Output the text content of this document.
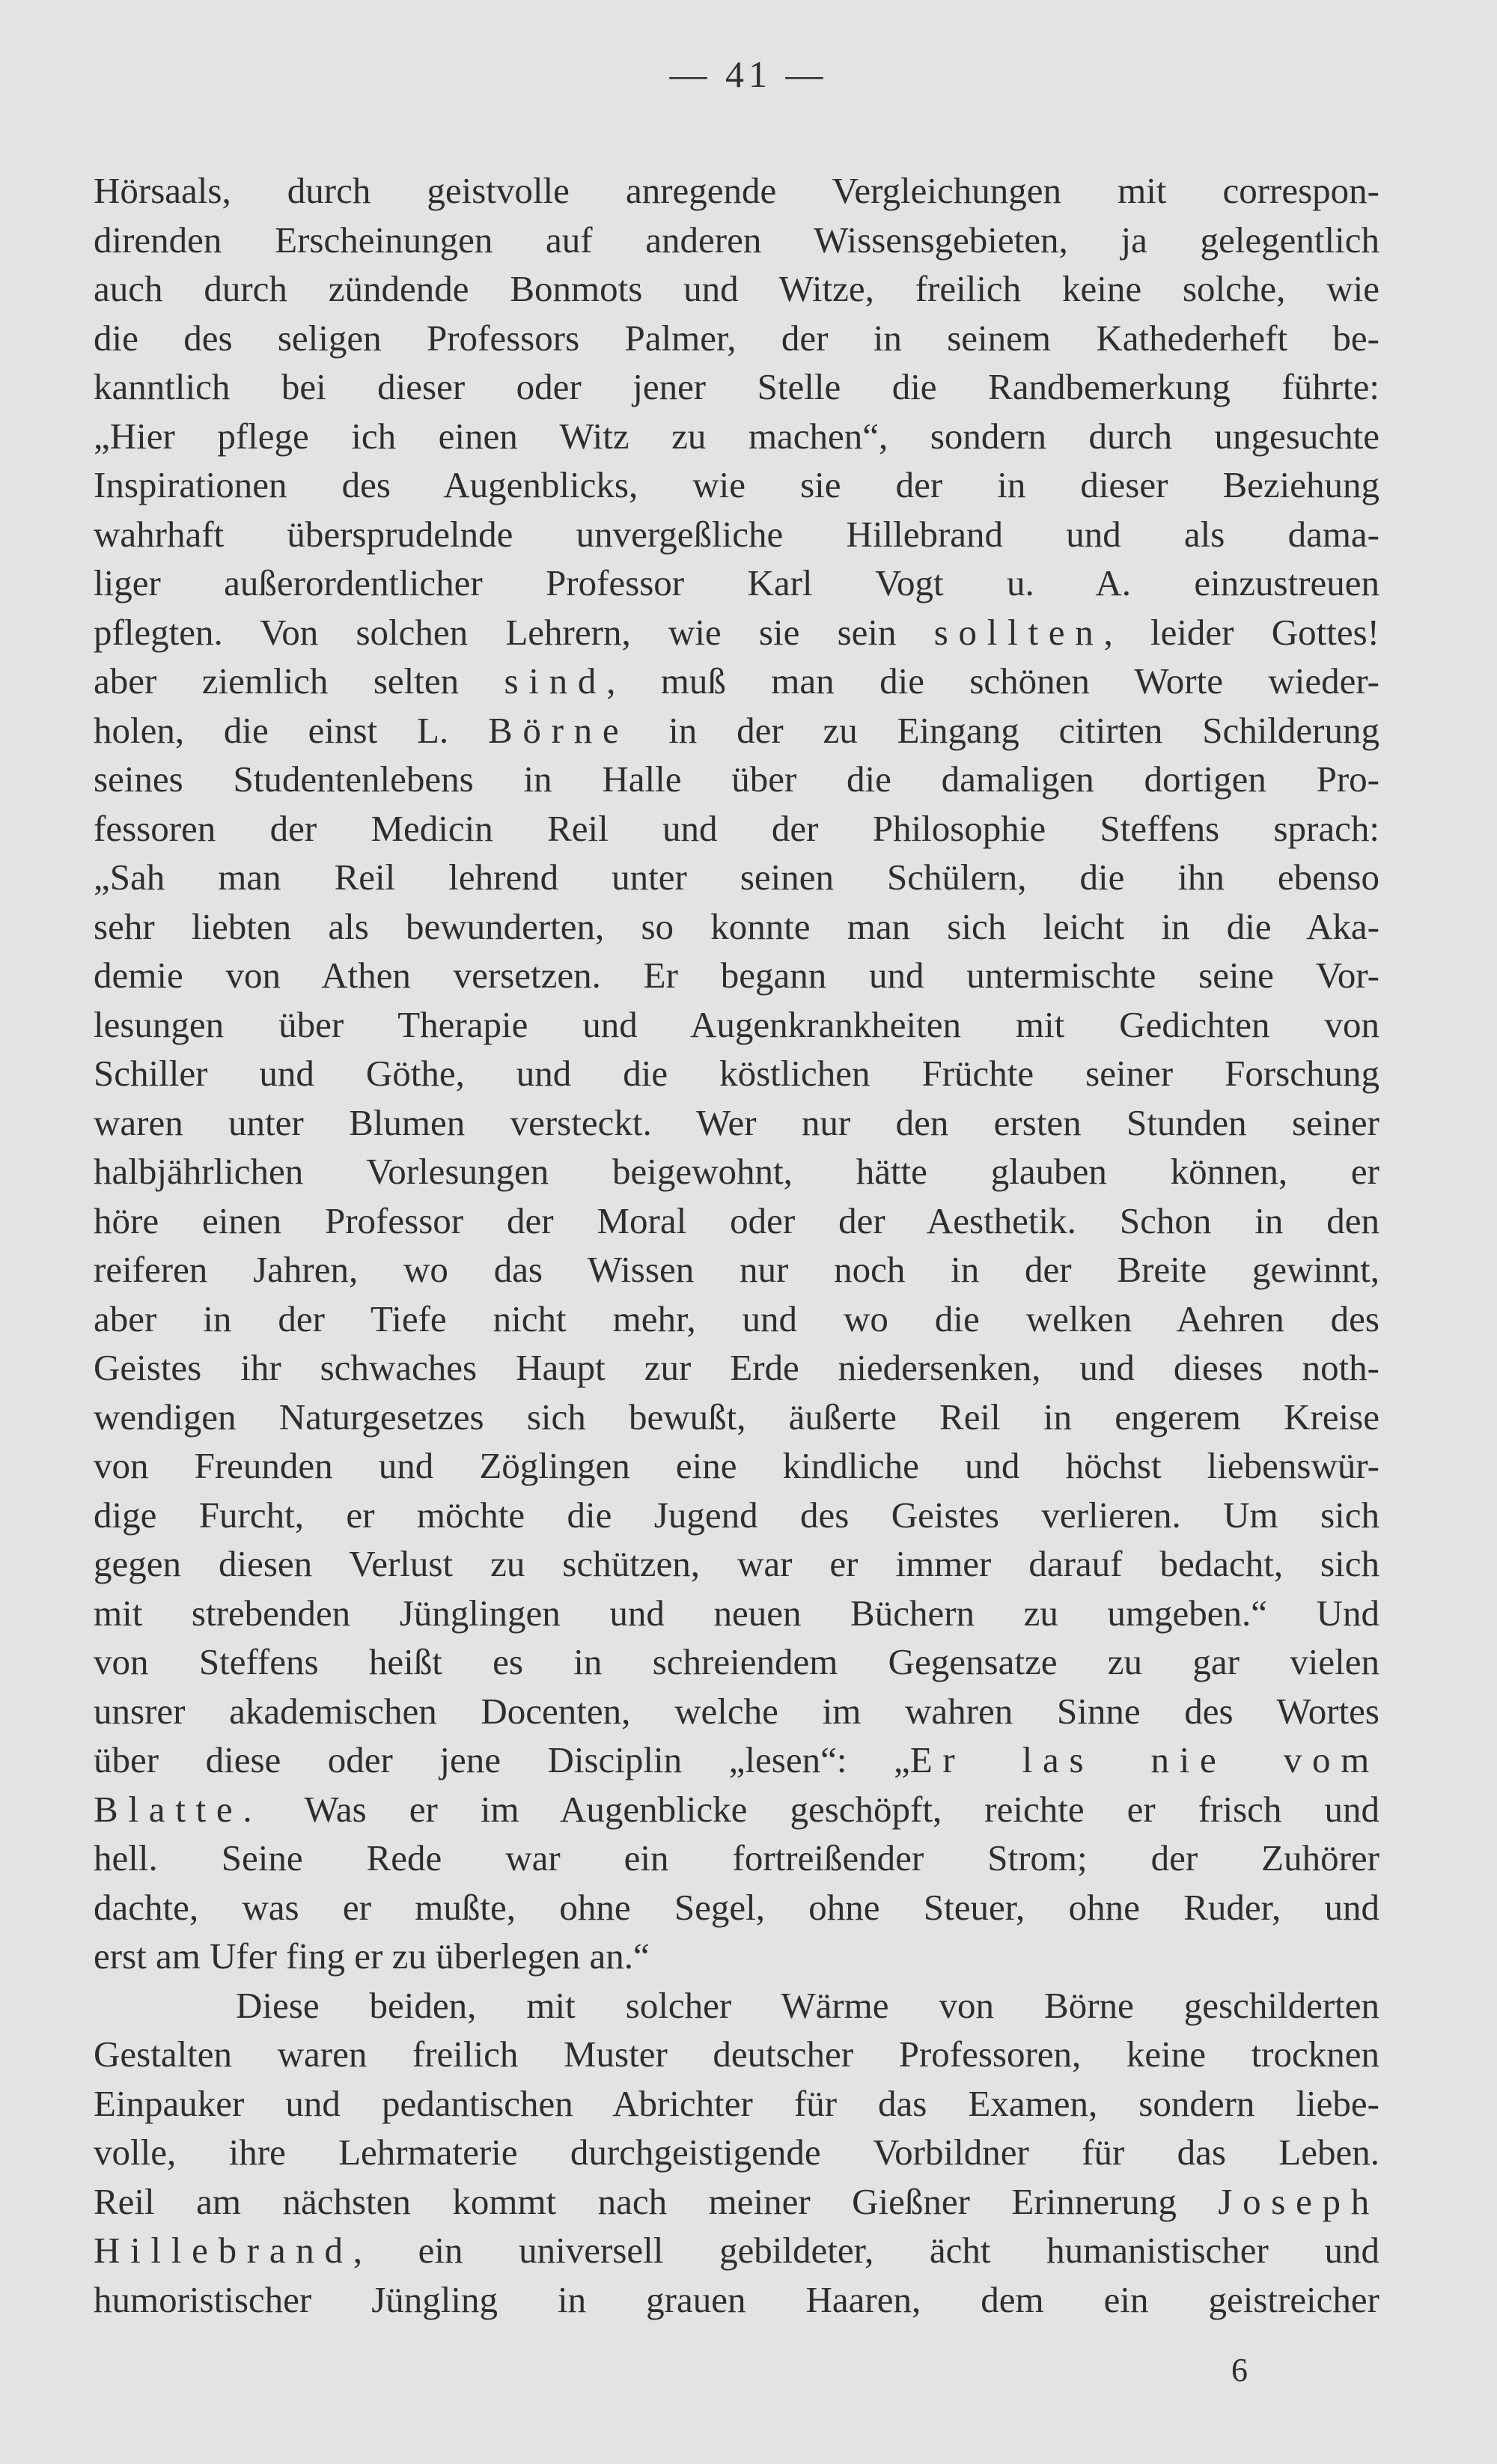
— 41 —
Hörsaals, durch geistvolle anregende Vergleichungen mit correspon-
direnden Erscheinungen auf anderen Wissensgebieten, ja gelegentlich
auch durch zündende Bonmots und Witze, freilich keine solche, wie
die des seligen Professors Palmer, der in seinem Kathederheft be-
kanntlich bei dieser oder jener Stelle die Randbemerkung führte:
„Hier pflege ich einen Witz zu machen“, sondern durch ungesuchte
Inspirationen des Augenblicks, wie sie der in dieser Beziehung
wahrhaft übersprudelnde unvergeßliche Hillebrand und als dama-
liger außerordentlicher Professor Karl Vogt u. A. einzustreuen
pflegten. Von solchen Lehrern, wie sie sein sollten, leider Gottes!
aber ziemlich selten sind, muß man die schönen Worte wieder-
holen, die einst L. Börne in der zu Eingang citirten Schilderung
seines Studentenlebens in Halle über die damaligen dortigen Pro-
fessoren der Medicin Reil und der Philosophie Steffens sprach:
„Sah man Reil lehrend unter seinen Schülern, die ihn ebenso
sehr liebten als bewunderten, so konnte man sich leicht in die Aka-
demie von Athen versetzen. Er begann und untermischte seine Vor-
lesungen über Therapie und Augenkrankheiten mit Gedichten von
Schiller und Göthe, und die köstlichen Früchte seiner Forschung
waren unter Blumen versteckt. Wer nur den ersten Stunden seiner
halbjährlichen Vorlesungen beigewohnt, hätte glauben können, er
höre einen Professor der Moral oder der Aesthetik. Schon in den
reiferen Jahren, wo das Wissen nur noch in der Breite gewinnt,
aber in der Tiefe nicht mehr, und wo die welken Aehren des
Geistes ihr schwaches Haupt zur Erde niedersenken, und dieses noth-
wendigen Naturgesetzes sich bewußt, äußerte Reil in engerem Kreise
von Freunden und Zöglingen eine kindliche und höchst liebenswür-
dige Furcht, er möchte die Jugend des Geistes verlieren. Um sich
gegen diesen Verlust zu schützen, war er immer darauf bedacht, sich
mit strebenden Jünglingen und neuen Büchern zu umgeben.“ Und
von Steffens heißt es in schreiendem Gegensatze zu gar vielen
unsrer akademischen Docenten, welche im wahren Sinne des Wortes
über diese oder jene Disciplin „lesen“: „Er las nie vom
Blatte. Was er im Augenblicke geschöpft, reichte er frisch und
hell. Seine Rede war ein fortreißender Strom; der Zuhörer
dachte, was er mußte, ohne Segel, ohne Steuer, ohne Ruder, und
erst am Ufer fing er zu überlegen an.“
Diese beiden, mit solcher Wärme von Börne geschilderten
Gestalten waren freilich Muster deutscher Professoren, keine trocknen
Einpauker und pedantischen Abrichter für das Examen, sondern liebe-
volle, ihre Lehrmaterie durchgeistigende Vorbildner für das Leben.
Reil am nächsten kommt nach meiner Gießner Erinnerung Joseph
Hillebrand, ein universell gebildeter, ächt humanistischer und
humoristischer Jüngling in grauen Haaren, dem ein geistreicher
6
